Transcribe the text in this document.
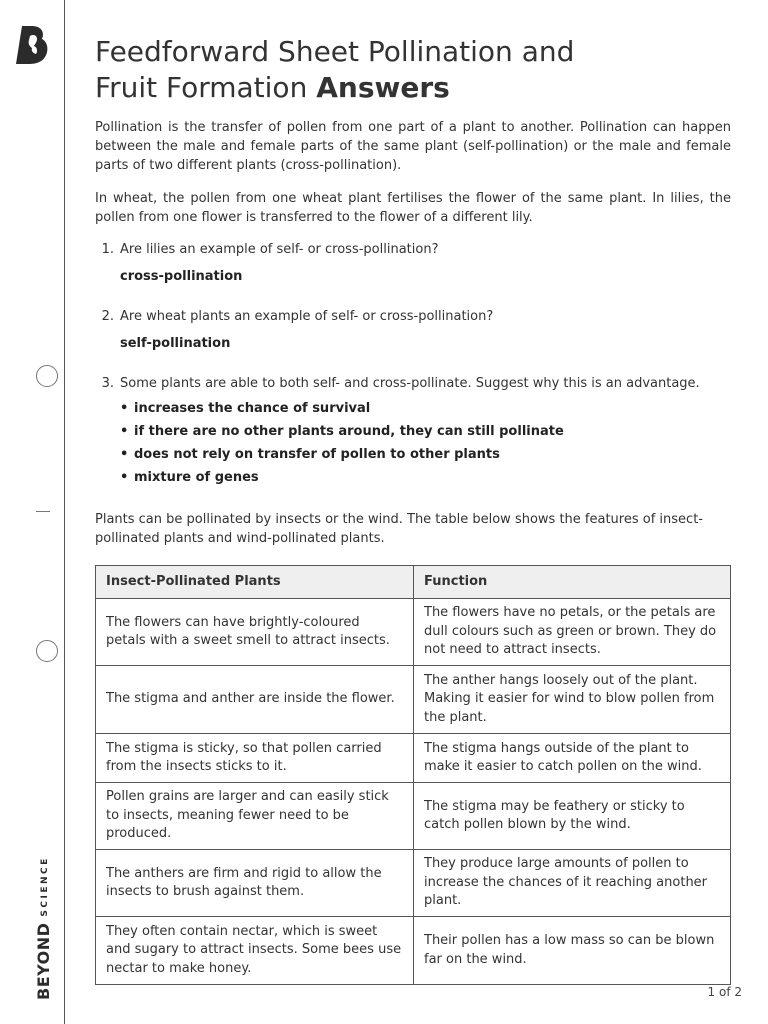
BEYONDSCIENCE
Feedforward Sheet Pollination and
Fruit Formation Answers

Pollination is the transfer of pollen from one part of a plant to another. Pollination can happen between the male and female parts of the same plant (self-pollination) or the male and female parts of two different plants (cross-pollination).

In wheat, the pollen from one wheat plant fertilises the flower of the same plant. In lilies, the pollen from one flower is transferred to the flower of a different lily.

1. Are lilies an example of self- or cross-pollination?

cross-pollination

2. Are wheat plants an example of self- or cross-pollination?

self-pollination

3. Some plants are able to both self- and cross-pollinate. Suggest why this is an advantage.

• increases the chance of survival
• if there are no other plants around, they can still pollinate
• does not rely on transfer of pollen to other plants
• mixture of genes

Plants can be pollinated by insects or the wind. The table below shows the features of insect-pollinated plants and wind-pollinated plants.

Insect-Pollinated Plants	Function
The flowers can have brightly-coloured petals with a sweet smell to attract insects.	The flowers have no petals, or the petals are dull colours such as green or brown. They do not need to attract insects.
The stigma and anther are inside the flower.	The anther hangs loosely out of the plant. Making it easier for wind to blow pollen from the plant.
The stigma is sticky, so that pollen carried from the insects sticks to it.	The stigma hangs outside of the plant to make it easier to catch pollen on the wind.
Pollen grains are larger and can easily stick to insects, meaning fewer need to be produced.	The stigma may be feathery or sticky to catch pollen blown by the wind.
The anthers are firm and rigid to allow the insects to brush against them.	They produce large amounts of pollen to increase the chances of it reaching another plant.
They often contain nectar, which is sweet and sugary to attract insects. Some bees use nectar to make honey.	Their pollen has a low mass so can be blown far on the wind.
1 of 2
